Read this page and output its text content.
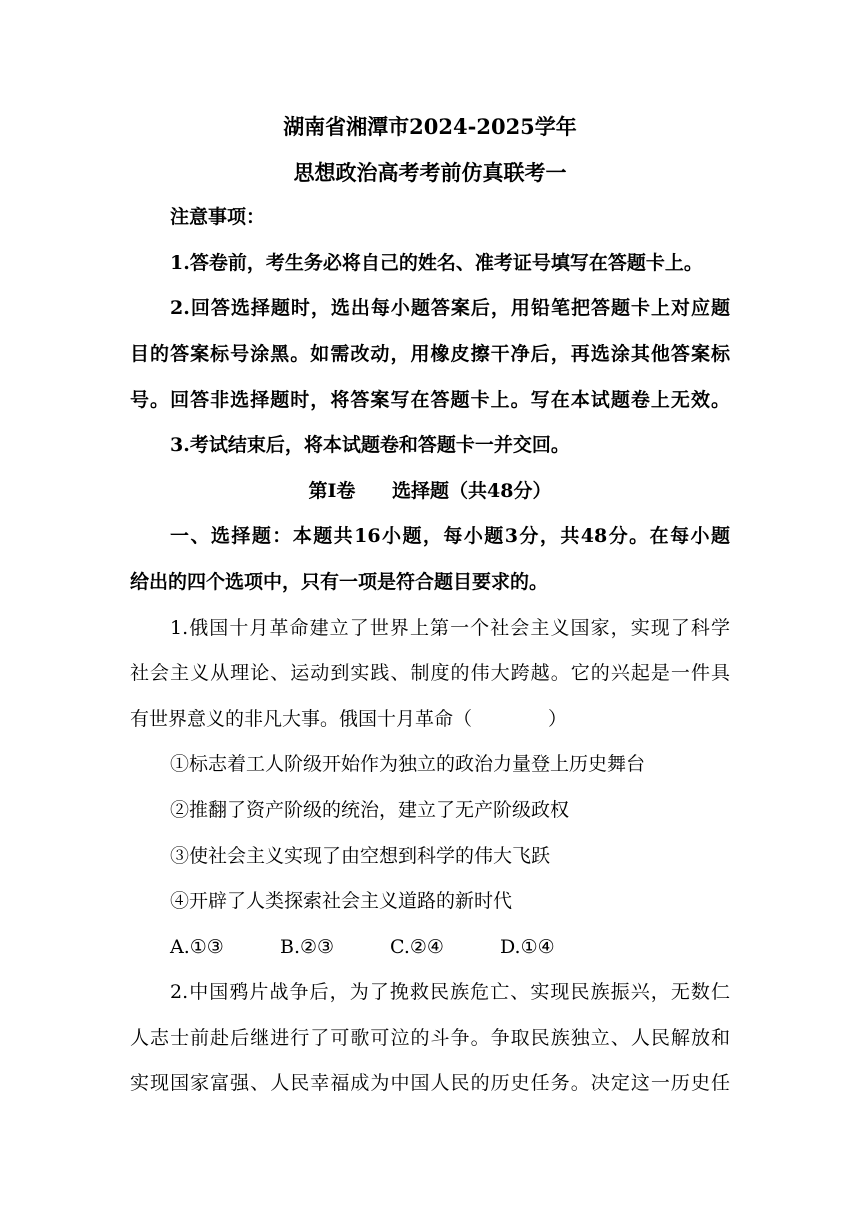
湖南省湘潭市2024-2025学年
思想政治高考考前仿真联考一
注意事项：
1.答卷前，考生务必将自己的姓名、准考证号填写在答题卡上。
2.回答选择题时，选出每小题答案后，用铅笔把答题卡上对应题
目的答案标号涂黑。如需改动，用橡皮擦干净后，再选涂其他答案标
号。回答非选择题时，将答案写在答题卡上。写在本试题卷上无效。
3.考试结束后，将本试题卷和答题卡一并交回。
第Ⅰ卷 选择题（共48分）
一、选择题：本题共16小题，每小题3分，共48分。在每小题
给出的四个选项中，只有一项是符合题目要求的。
1.俄国十月革命建立了世界上第一个社会主义国家，实现了科学
社会主义从理论、运动到实践、制度的伟大跨越。它的兴起是一件具
有世界意义的非凡大事。俄国十月革命（　　　　）
①标志着工人阶级开始作为独立的政治力量登上历史舞台
②推翻了资产阶级的统治，建立了无产阶级政权
③使社会主义实现了由空想到科学的伟大飞跃
④开辟了人类探索社会主义道路的新时代
A.①③	B.②③	C.②④	D.①④
2.中国鸦片战争后，为了挽救民族危亡、实现民族振兴，无数仁
人志士前赴后继进行了可歌可泣的斗争。争取民族独立、人民解放和
实现国家富强、人民幸福成为中国人民的历史任务。决定这一历史任
